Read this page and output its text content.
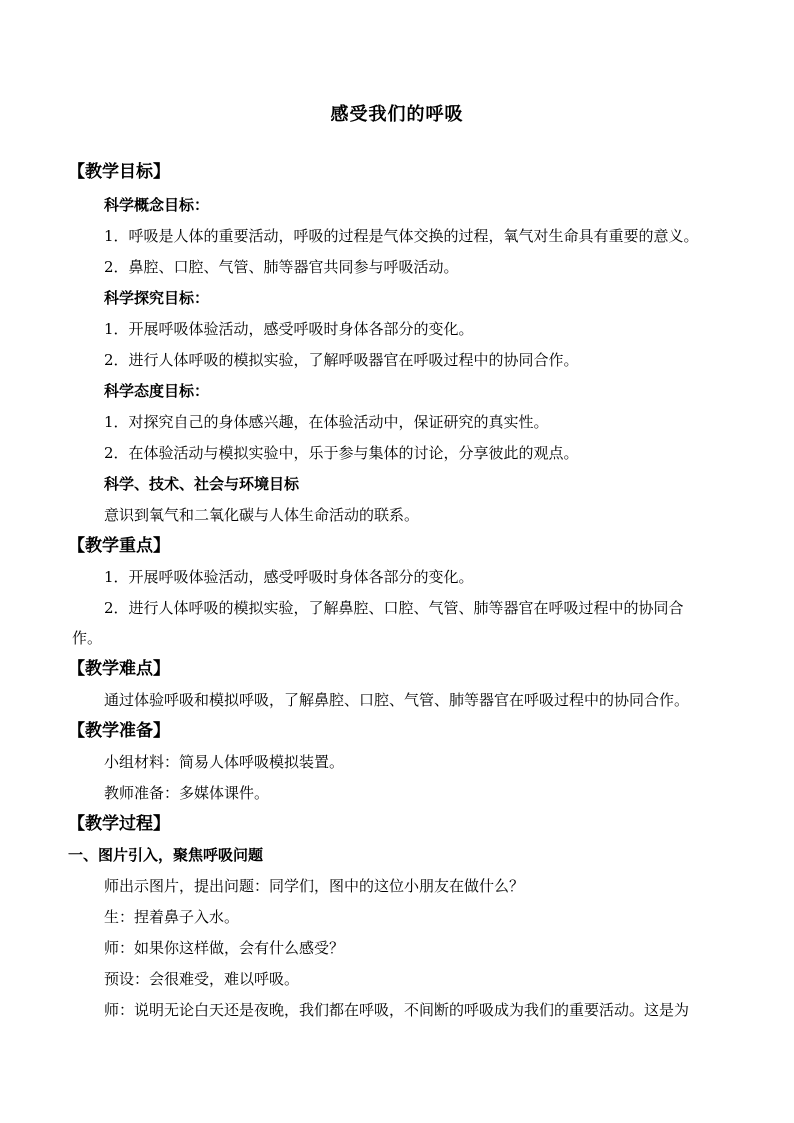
感受我们的呼吸
【教学目标】
科学概念目标：
1．呼吸是人体的重要活动，呼吸的过程是气体交换的过程，氧气对生命具有重要的意义。
2．鼻腔、口腔、气管、肺等器官共同参与呼吸活动。
科学探究目标：
1．开展呼吸体验活动，感受呼吸时身体各部分的变化。
2．进行人体呼吸的模拟实验，了解呼吸器官在呼吸过程中的协同合作。
科学态度目标：
1．对探究自己的身体感兴趣，在体验活动中，保证研究的真实性。
2．在体验活动与模拟实验中，乐于参与集体的讨论，分享彼此的观点。
科学、技术、社会与环境目标
意识到氧气和二氧化碳与人体生命活动的联系。
【教学重点】
1．开展呼吸体验活动，感受呼吸时身体各部分的变化。
2．进行人体呼吸的模拟实验，了解鼻腔、口腔、气管、肺等器官在呼吸过程中的协同合
作。
【教学难点】
通过体验呼吸和模拟呼吸，了解鼻腔、口腔、气管、肺等器官在呼吸过程中的协同合作。
【教学准备】
小组材料：简易人体呼吸模拟装置。
教师准备：多媒体课件。
【教学过程】
一、图片引入，聚焦呼吸问题
师出示图片，提出问题：同学们，图中的这位小朋友在做什么？
生：捏着鼻子入水。
师：如果你这样做，会有什么感受？
预设：会很难受，难以呼吸。
师：说明无论白天还是夜晚，我们都在呼吸，不间断的呼吸成为我们的重要活动。这是为
